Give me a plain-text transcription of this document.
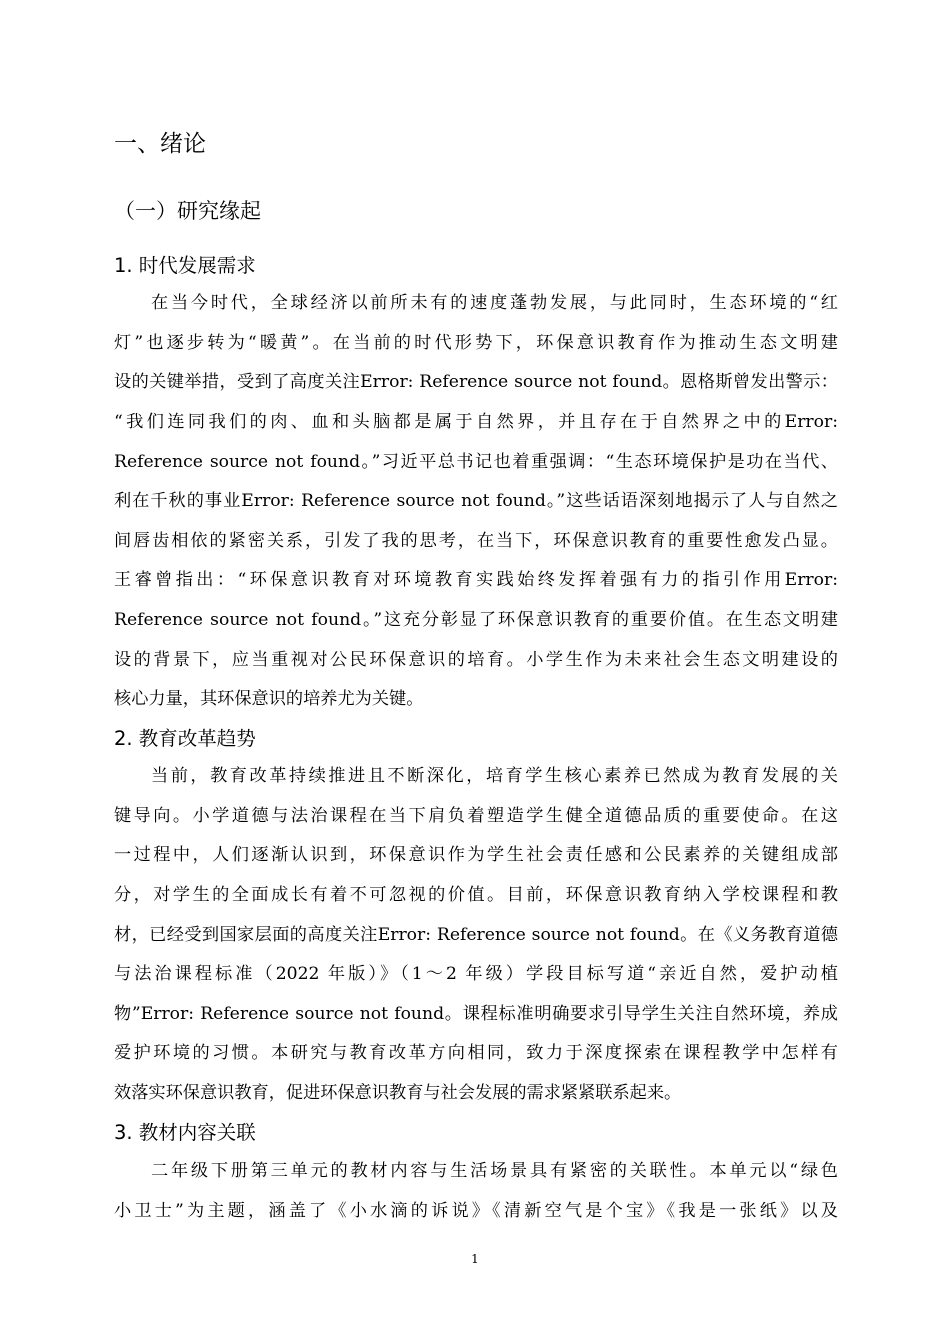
一、绪论
（一）研究缘起
1. 时代发展需求
在当今时代，全球经济以前所未有的速度蓬勃发展，与此同时，生态环境的“红
灯”也逐步转为“暖黄”。在当前的时代形势下，环保意识教育作为推动生态文明建
设的关键举措，受到了高度关注Error: Reference source not found。恩格斯曾发出警示：
“我们连同我们的肉、血和头脑都是属于自然界，并且存在于自然界之中的Error:
Reference source not found。”习近平总书记也着重强调：“生态环境保护是功在当代、
利在千秋的事业Error: Reference source not found。”这些话语深刻地揭示了人与自然之
间唇齿相依的紧密关系，引发了我的思考，在当下，环保意识教育的重要性愈发凸显。
王睿曾指出：“环保意识教育对环境教育实践始终发挥着强有力的指引作用Error:
Reference source not found。”这充分彰显了环保意识教育的重要价值。在生态文明建
设的背景下，应当重视对公民环保意识的培育。小学生作为未来社会生态文明建设的
核心力量，其环保意识的培养尤为关键。
2. 教育改革趋势
当前，教育改革持续推进且不断深化，培育学生核心素养已然成为教育发展的关
键导向。小学道德与法治课程在当下肩负着塑造学生健全道德品质的重要使命。在这
一过程中，人们逐渐认识到，环保意识作为学生社会责任感和公民素养的关键组成部
分，对学生的全面成长有着不可忽视的价值。目前，环保意识教育纳入学校课程和教
材，已经受到国家层面的高度关注Error: Reference source not found。在《义务教育道德
与法治课程标准（2022 年版）》（1～2 年级）学段目标写道“亲近自然，爱护动植
物”Error: Reference source not found。课程标准明确要求引导学生关注自然环境，养成
爱护环境的习惯。本研究与教育改革方向相同，致力于深度探索在课程教学中怎样有
效落实环保意识教育，促进环保意识教育与社会发展的需求紧紧联系起来。
3. 教材内容关联
二年级下册第三单元的教材内容与生活场景具有紧密的关联性。本单元以“绿色
小卫士”为主题，涵盖了《小水滴的诉说》《清新空气是个宝》《我是一张纸》以及
1
